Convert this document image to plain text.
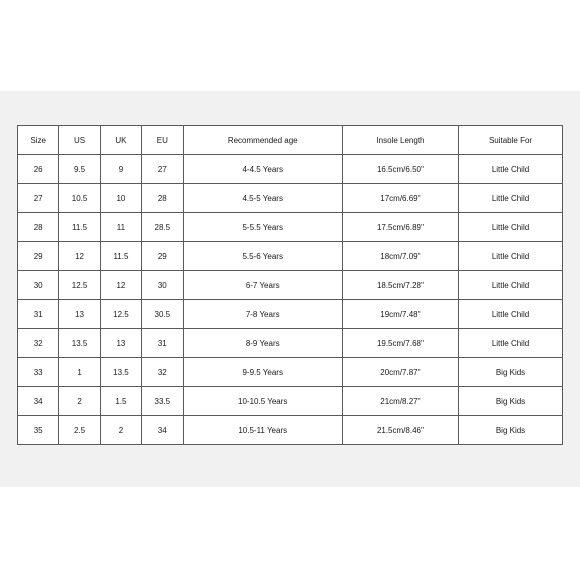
Size	US	UK	EU	Recommended age	Insole Length	Suitable For
26	9.5	9	27	4-4.5 Years	16.5cm/6.50''	Little Child
27	10.5	10	28	4.5-5 Years	17cm/6.69''	Little Child
28	11.5	11	28.5	5-5.5 Years	17.5cm/6.89''	Little Child
29	12	11.5	29	5.5-6 Years	18cm/7.09''	Little Child
30	12.5	12	30	6-7 Years	18.5cm/7.28''	Little Child
31	13	12.5	30.5	7-8 Years	19cm/7.48''	Little Child
32	13.5	13	31	8-9 Years	19.5cm/7.68''	Little Child
33	1	13.5	32	9-9.5 Years	20cm/7.87''	Big Kids
34	2	1.5	33.5	10-10.5 Years	21cm/8.27''	Big Kids
35	2.5	2	34	10.5-11 Years	21.5cm/8.46''	Big Kids
